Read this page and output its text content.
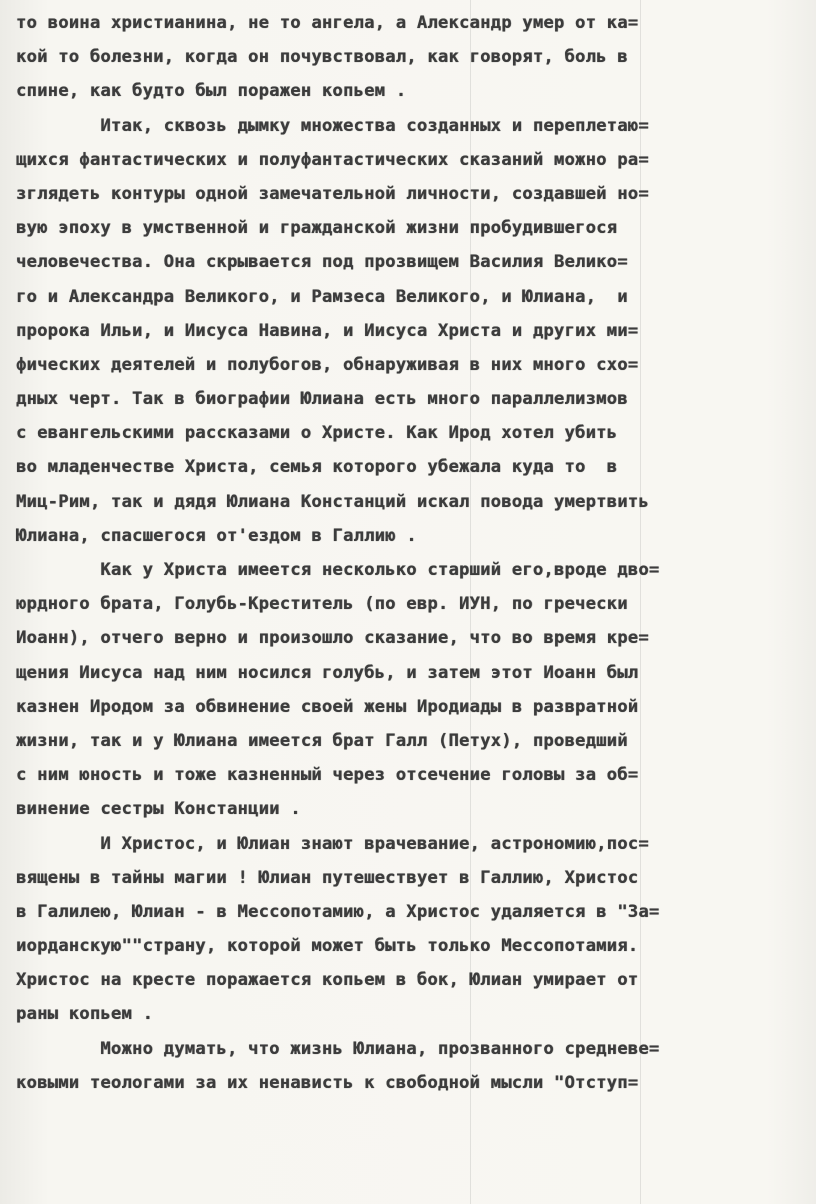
то воина христианина, не то ангела, а Александр умер от ка=
кой то болезни, когда он почувствовал, как говорят, боль в
спине, как будто был поражен копьем .
Итак, сквозь дымку множества созданных и переплетаю=
щихся фантастических и полуфантастических сказаний можно ра=
зглядеть контуры одной замечательной личности, создавшей но=
вую эпоху в умственной и гражданской жизни пробудившегося
человечества. Она скрывается под прозвищем Василия Велико=
го и Александра Великого, и Рамзеса Великого, и Юлиана,  и
пророка Ильи, и Иисуса Навина, и Иисуса Христа и других ми=
фических деятелей и полубогов, обнаруживая в них много схо=
дных черт. Так в биографии Юлиана есть много параллелизмов
с евангельскими рассказами о Христе. Как Ирод хотел убить
во младенчестве Христа, семья которого убежала куда то  в
Миц-Рим, так и дядя Юлиана Констанций искал повода умертвить
Юлиана, спасшегося от'ездом в Галлию .
Как у Христа имеется несколько старший его,вроде дво=
юрдного брата, Голубь-Креститель (по евр. ИУН, по гречески
Иоанн), отчего верно и произошло сказание, что во время кре=
щения Иисуса над ним носился голубь, и затем этот Иоанн был
казнен Иродом за обвинение своей жены Иродиады в развратной
жизни, так и у Юлиана имеется брат Галл (Петух), проведший
с ним юность и тоже казненный через отсечение головы за об=
винение сестры Констанции .
И Христос, и Юлиан знают врачевание, астрономию,пос=
вящены в тайны магии ! Юлиан путешествует в Галлию, Христос
в Галилею, Юлиан - в Мессопотамию, а Христос удаляется в "За=
иорданскую""страну, которой может быть только Мессопотамия.
Христос на кресте поражается копьем в бок, Юлиан умирает от
раны копьем .
Можно думать, что жизнь Юлиана, прозванного средневе=
ковыми теологами за их ненависть к свободной мысли "Отступ=
